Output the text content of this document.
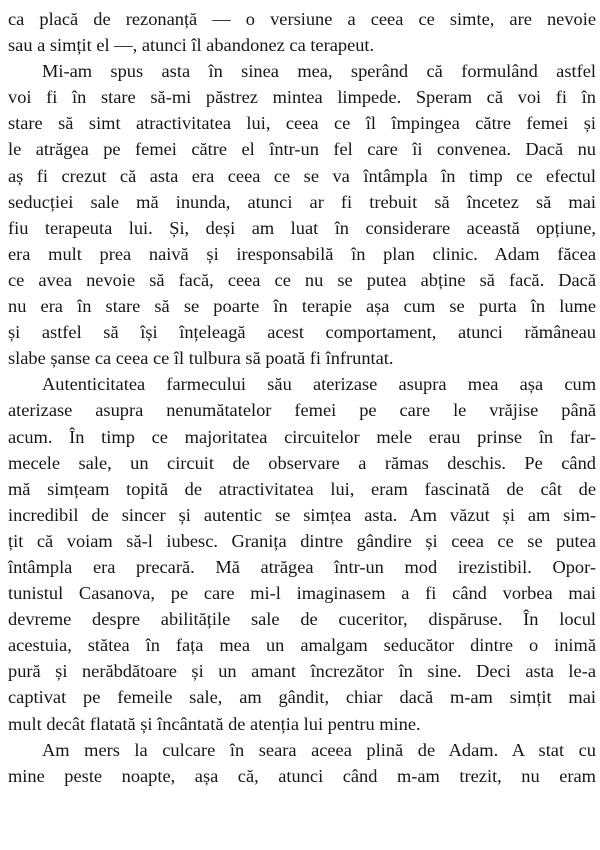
ca placă de rezonanță — o versiune a ceea ce simte, are nevoie
sau a simțit el —, atunci îl abandonez ca terapeut.
Mi-am spus asta în sinea mea, sperând că formulând astfel
voi fi în stare să-mi păstrez mintea limpede. Speram că voi fi în
stare să simt atractivitatea lui, ceea ce îl împingea către femei și
le atrăgea pe femei către el într-un fel care îi convenea. Dacă nu
aș fi crezut că asta era ceea ce se va întâmpla în timp ce efectul
seducției sale mă inunda, atunci ar fi trebuit să încetez să mai
fiu terapeuta lui. Și, deși am luat în considerare această opțiune,
era mult prea naivă și iresponsabilă în plan clinic. Adam făcea
ce avea nevoie să facă, ceea ce nu se putea abține să facă. Dacă
nu era în stare să se poarte în terapie așa cum se purta în lume
și astfel să își înțeleagă acest comportament, atunci rămâneau
slabe șanse ca ceea ce îl tulbura să poată fi înfruntat.
Autenticitatea farmecului său aterizase asupra mea așa cum
aterizase asupra nenumătatelor femei pe care le vrăjise până
acum. În timp ce majoritatea circuitelor mele erau prinse în far-
mecele sale, un circuit de observare a rămas deschis. Pe când
mă simțeam topită de atractivitatea lui, eram fascinată de cât de
incredibil de sincer și autentic se simțea asta. Am văzut și am sim-
țit că voiam să-l iubesc. Granița dintre gândire și ceea ce se putea
întâmpla era precară. Mă atrăgea într-un mod irezistibil. Opor-
tunistul Casanova, pe care mi-l imaginasem a fi când vorbea mai
devreme despre abilitățile sale de cuceritor, dispăruse. În locul
acestuia, stătea în fața mea un amalgam seducător dintre o inimă
pură și nerăbdătoare și un amant încrezător în sine. Deci asta le-a
captivat pe femeile sale, am gândit, chiar dacă m-am simțit mai
mult decât flatată și încântată de atenția lui pentru mine.
Am mers la culcare în seara aceea plină de Adam. A stat cu
mine peste noapte, așa că, atunci când m-am trezit, nu eram
